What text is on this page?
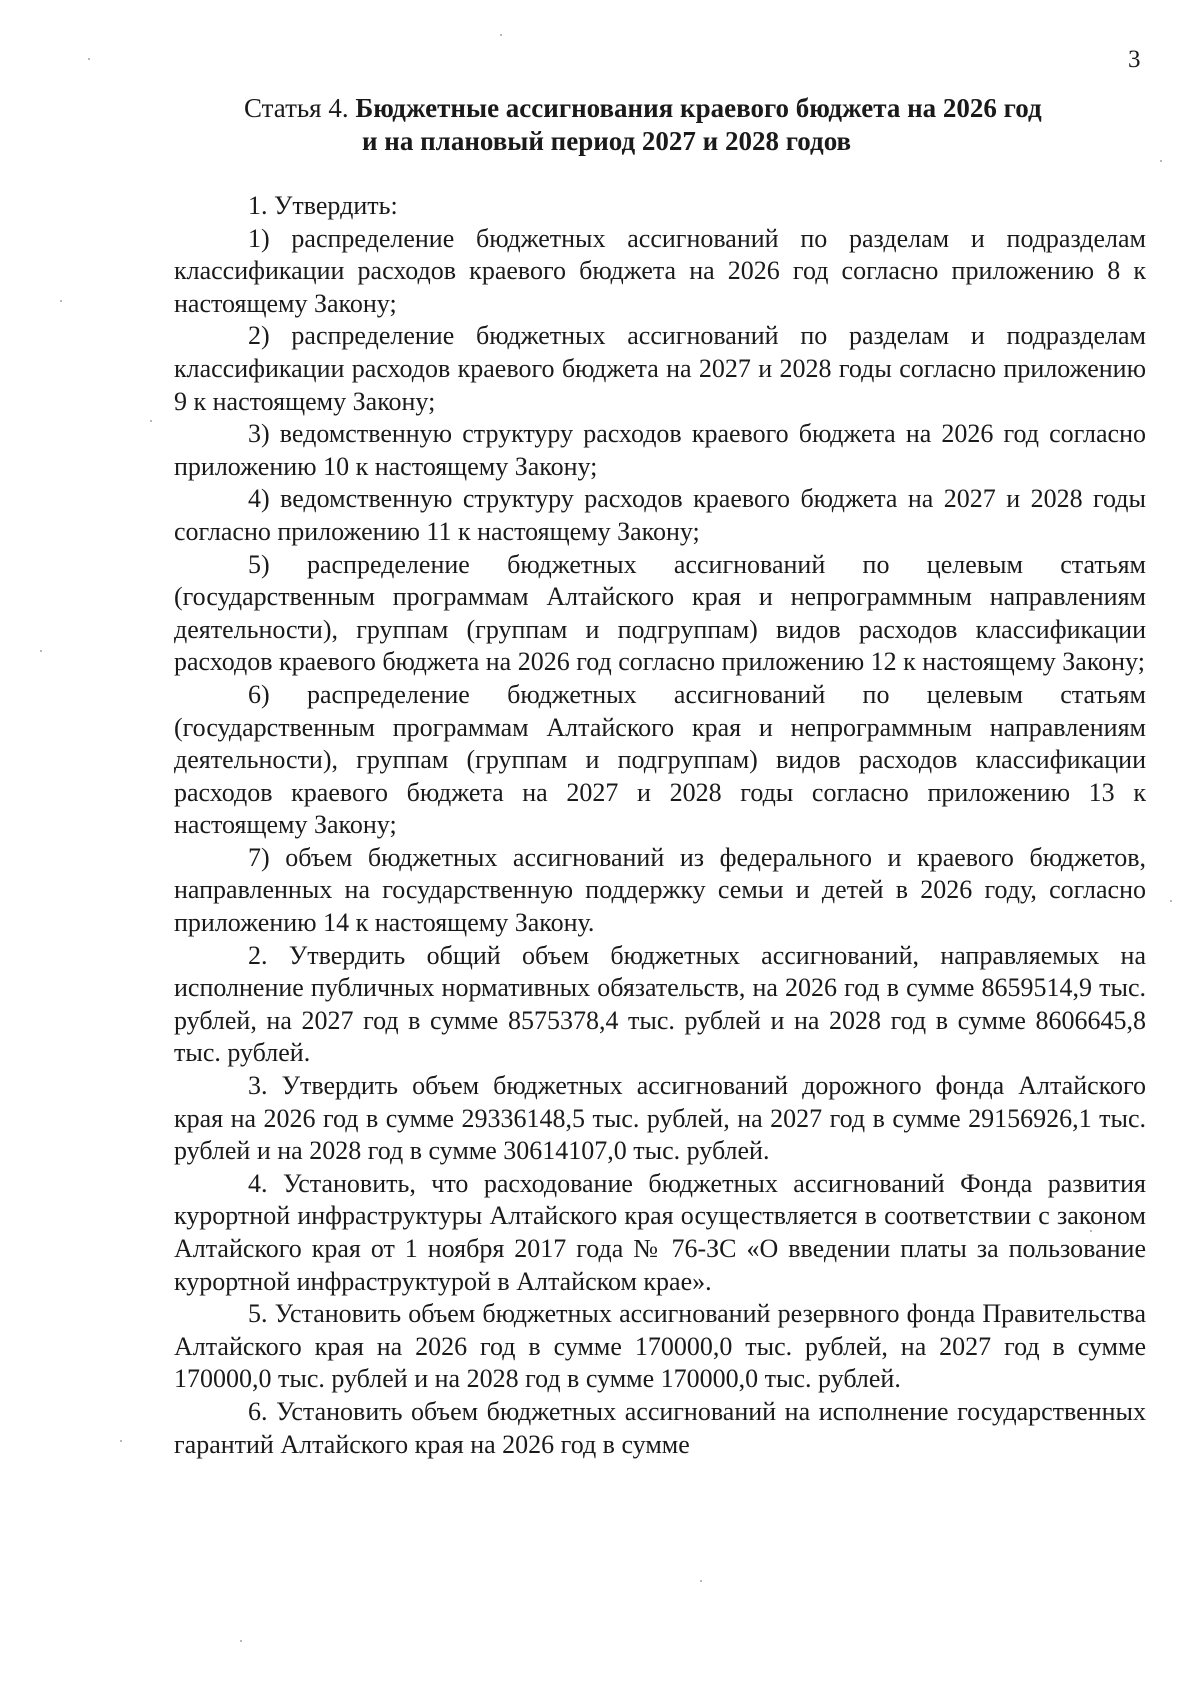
3
Статья 4. Бюджетные ассигнования краевого бюджета на 2026 год
и на плановый период 2027 и 2028 годов

1. Утвердить:

1) распределение бюджетных ассигнований по разделам и подразделам классификации расходов краевого бюджета на 2026 год согласно приложению 8 к настоящему Закону;

2) распределение бюджетных ассигнований по разделам и подразделам классификации расходов краевого бюджета на 2027 и 2028 годы согласно приложению 9 к настоящему Закону;

3) ведомственную структуру расходов краевого бюджета на 2026 год согласно приложению 10 к настоящему Закону;

4) ведомственную структуру расходов краевого бюджета на 2027 и 2028 годы согласно приложению 11 к настоящему Закону;

5) распределение бюджетных ассигнований по целевым статьям (государственным программам Алтайского края и непрограммным направлениям деятельности), группам (группам и подгруппам) видов расходов классификации расходов краевого бюджета на 2026 год согласно приложению 12 к настоящему Закону;

6) распределение бюджетных ассигнований по целевым статьям (государственным программам Алтайского края и непрограммным направлениям деятельности), группам (группам и подгруппам) видов расходов классификации расходов краевого бюджета на 2027 и 2028 годы согласно приложению 13 к настоящему Закону;

7) объем бюджетных ассигнований из федерального и краевого бюджетов, направленных на государственную поддержку семьи и детей в 2026 году, согласно приложению 14 к настоящему Закону.

2. Утвердить общий объем бюджетных ассигнований, направляемых на исполнение публичных нормативных обязательств, на 2026 год в сумме 8659514,9 тыс. рублей, на 2027 год в сумме 8575378,4 тыс. рублей и на 2028 год в сумме 8606645,8 тыс. рублей.

3. Утвердить объем бюджетных ассигнований дорожного фонда Алтайского края на 2026 год в сумме 29336148,5 тыс. рублей, на 2027 год в сумме 29156926,1 тыс. рублей и на 2028 год в сумме 30614107,0 тыс. рублей.

4. Установить, что расходование бюджетных ассигнований Фонда развития курортной инфраструктуры Алтайского края осуществляется в соответствии с законом Алтайского края от 1 ноября 2017 года № 76-ЗС «О введении платы за пользование курортной инфраструктурой в Алтайском крае».

5. Установить объем бюджетных ассигнований резервного фонда Правительства Алтайского края на 2026 год в сумме 170000,0 тыс. рублей, на 2027 год в сумме 170000,0 тыс. рублей и на 2028 год в сумме 170000,0 тыс. рублей.

6. Установить объем бюджетных ассигнований на исполнение государственных гарантий Алтайского края на 2026 год в сумме
